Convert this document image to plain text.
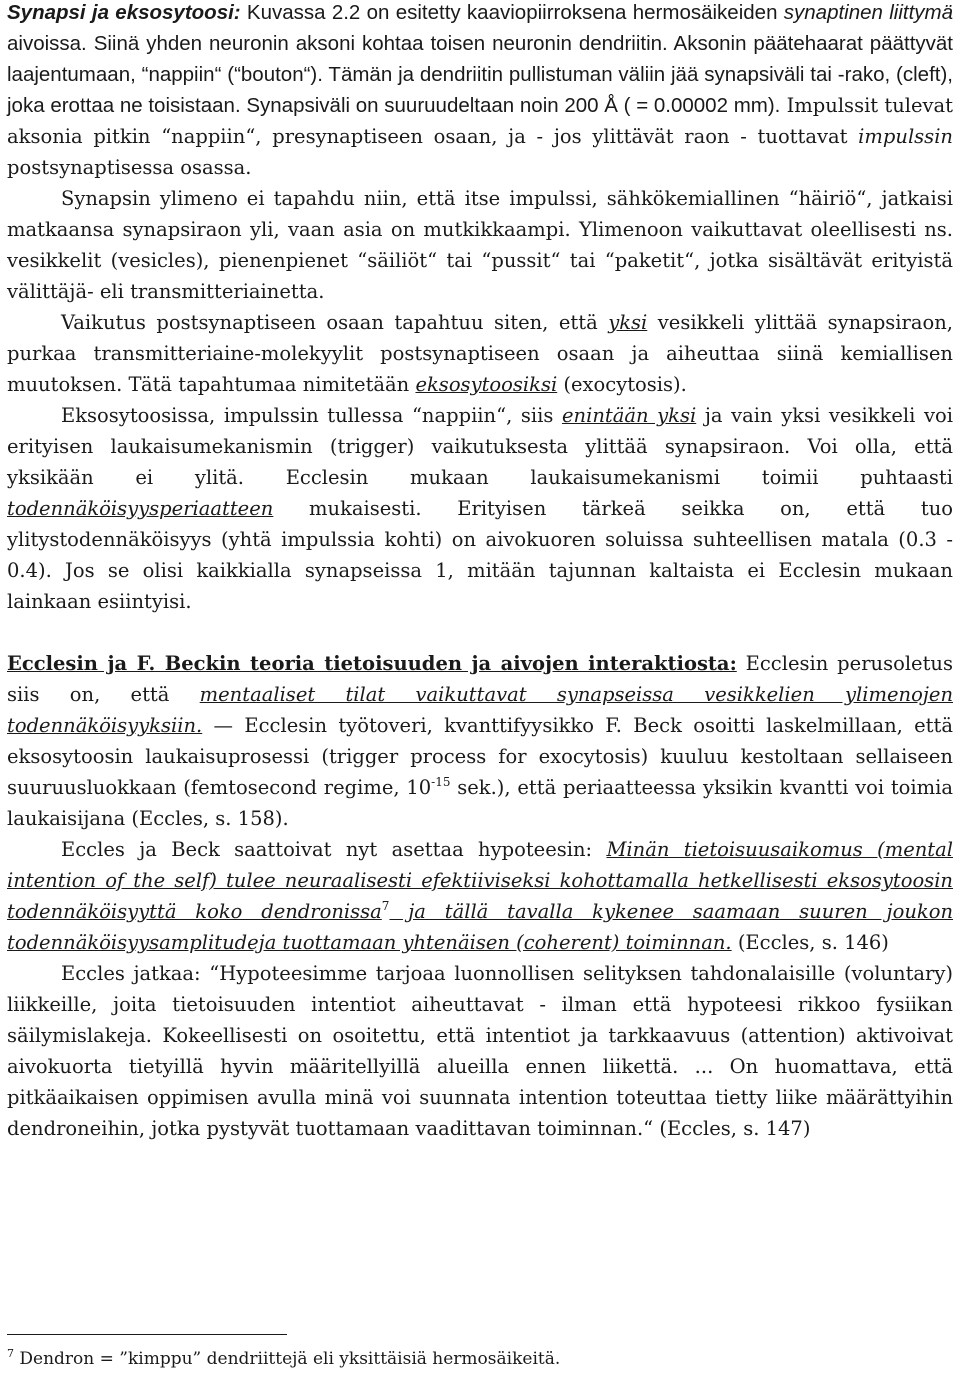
Synapsi ja eksosytoosi: Kuvassa 2.2 on esitetty kaaviopiirroksena hermosäikeiden synaptinen liittymä aivoissa. Siinä yhden neuronin aksoni kohtaa toisen neuronin dendriitin. Aksonin päätehaarat päättyvät laajentumaan, “nappiin“ (“bouton“). Tämän ja dendriitin pullistuman väliin jää synapsiväli tai -rako, (cleft), joka erottaa ne toisistaan. Synapsiväli on suuruudeltaan noin 200 Å ( = 0.00002 mm). Impulssit tulevat aksonia pitkin “nappiin“, presynaptiseen osaan, ja - jos ylittävät raon - tuottavat impulssin postsynaptisessa osassa.

Synapsin ylimeno ei tapahdu niin, että itse impulssi, sähkökemiallinen “häiriö“, jatkaisi matkaansa synapsiraon yli, vaan asia on mutkikkaampi. Ylimenoon vaikuttavat oleellisesti ns. vesikkelit (vesicles), pienenpienet “säiliöt“ tai “pussit“ tai “paketit“, jotka sisältävät erityistä välittäjä- eli transmitteriainetta.

Vaikutus postsynaptiseen osaan tapahtuu siten, että yksi vesikkeli ylittää synapsiraon, purkaa transmitteriaine-molekyylit postsynaptiseen osaan ja aiheuttaa siinä kemiallisen muutoksen. Tätä tapahtumaa nimitetään eksosytoosiksi (exocytosis).

Eksosytoosissa, impulssin tullessa “nappiin“, siis enintään yksi ja vain yksi vesikkeli voi erityisen laukaisumekanismin (trigger) vaikutuksesta ylittää synapsiraon. Voi olla, että yksikään ei ylitä. Ecclesin mukaan laukaisumekanismi toimii puhtaasti todennäköisyysperiaatteen mukaisesti. Erityisen tärkeä seikka on, että tuo ylitystodennäköisyys (yhtä impulssia kohti) on aivokuoren soluissa suhteellisen matala (0.3 - 0.4). Jos se olisi kaikkialla synapseissa 1, mitään tajunnan kaltaista ei Ecclesin mukaan lainkaan esiintyisi.

Ecclesin ja F. Beckin teoria tietoisuuden ja aivojen interaktiosta: Ecclesin perusoletus siis on, että mentaaliset tilat vaikuttavat synapseissa vesikkelien ylimenojen todennäköisyyksiin. — Ecclesin työtoveri, kvanttifyysikko F. Beck osoitti laskelmillaan, että eksosytoosin laukaisuprosessi (trigger process for exocytosis) kuuluu kestoltaan sellaiseen suuruusluokkaan (femtosecond regime, $10^{-15}$ sek.), että periaatteessa yksikin kvantti voi toimia laukaisijana (Eccles, s. 158).

Eccles ja Beck saattoivat nyt asettaa hypoteesin: Minän tietoisuusaikomus (mental intention of the self) tulee neuraalisesti efektiiviseksi kohottamalla hetkellisesti eksosytoosin todennäköisyyttä koko dendronissa$^7$ ja tällä tavalla kykenee saamaan suuren joukon todennäköisyysamplitudeja tuottamaan yhtenäisen (coherent) toiminnan. (Eccles, s. 146)

Eccles jatkaa: “Hypoteesimme tarjoaa luonnollisen selityksen tahdonalaisille (voluntary) liikkeille, joita tietoisuuden intentiot aiheuttavat - ilman että hypoteesi rikkoo fysiikan säilymislakeja. Kokeellisesti on osoitettu, että intentiot ja tarkkaavuus (attention) aktivoivat aivokuorta tietyillä hyvin määritellyillä alueilla ennen liikettä. ... On huomattava, että pitkäaikaisen oppimisen avulla minä voi suunnata intention toteuttaa tietty liike määrättyihin dendroneihin, jotka pystyvät tuottamaan vaadittavan toiminnan.“ (Eccles, s. 147)

$^7$ Dendron = ”kimppu” dendriittejä eli yksittäisiä hermosäikeitä.
